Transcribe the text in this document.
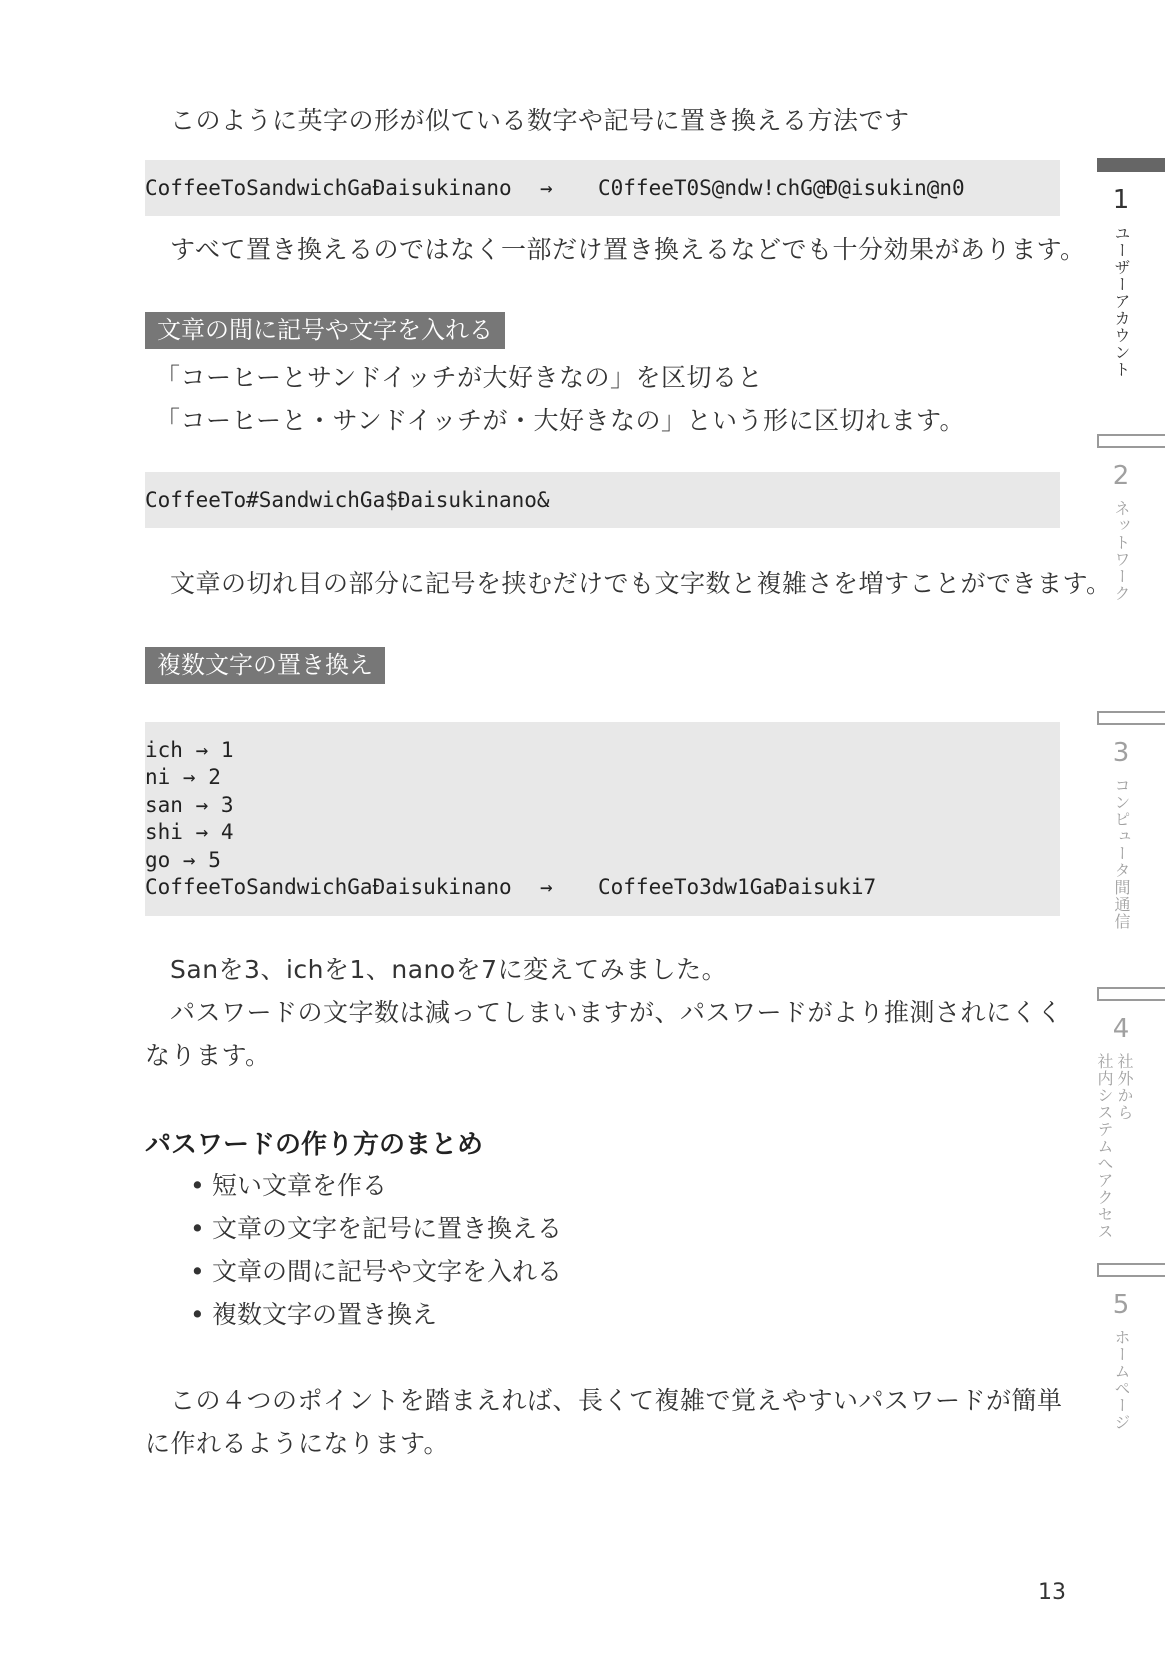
このように英字の形が似ている数字や記号に置き換える方法です
CoffeeToSandwichGaĐaisukinano → C0ffeeT0S@ndw!chG@Đ@isukin@n0
すべて置き換えるのではなく一部だけ置き換えるなどでも十分効果があります。
文章の間に記号や文字を入れる
「コーヒーとサンドイッチが大好きなの」を区切ると
「コーヒーと・サンドイッチが・大好きなの」という形に区切れます。
CoffeeTo#SandwichGa$Đaisukinano&
文章の切れ目の部分に記号を挟むだけでも文字数と複雑さを増すことができます。
複数文字の置き換え
ich → 1
ni → 2
san → 3
shi → 4
go → 5
CoffeeToSandwichGaĐaisukinano → CoffeeTo3dw1GaĐaisuki7
Sanを3、ichを1、nanoを7に変えてみました。
パスワードの文字数は減ってしまいますが、パスワードがより推測されにくく
なります。
パスワードの作り方のまとめ
• 短い文章を作る
• 文章の文字を記号に置き換える
• 文章の間に記号や文字を入れる
• 複数文字の置き換え
この４つのポイントを踏まえれば、長くて複雑で覚えやすいパスワードが簡単
に作れるようになります。
1
ユーザーアカウント
2
ネットワーク
3
コンピュータ間通信
4
社外から
社内システムへアクセス
5
ホームページ
13
